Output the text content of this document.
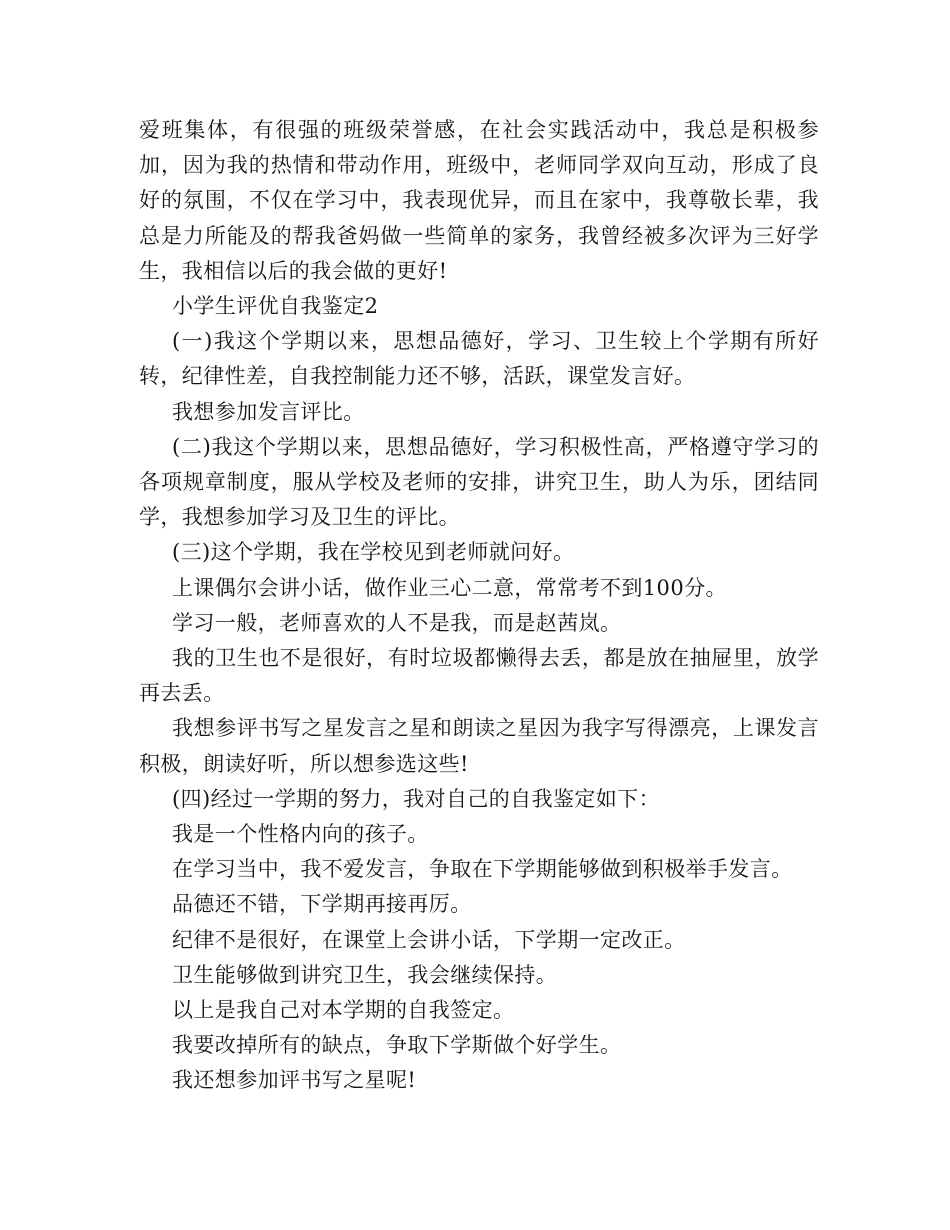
爱班集体，有很强的班级荣誉感，在社会实践活动中，我总是积极参加，因为我的热情和带动作用，班级中，老师同学双向互动，形成了良好的氛围，不仅在学习中，我表现优异，而且在家中，我尊敬长辈，我总是力所能及的帮我爸妈做一些简单的家务，我曾经被多次评为三好学生，我相信以后的我会做的更好!

小学生评优自我鉴定2

(一)我这个学期以来，思想品德好，学习、卫生较上个学期有所好转，纪律性差，自我控制能力还不够，活跃，课堂发言好。

我想参加发言评比。

(二)我这个学期以来，思想品德好，学习积极性高，严格遵守学习的各项规章制度，服从学校及老师的安排，讲究卫生，助人为乐，团结同学，我想参加学习及卫生的评比。

(三)这个学期，我在学校见到老师就问好。

上课偶尔会讲小话，做作业三心二意，常常考不到100分。

学习一般，老师喜欢的人不是我，而是赵茜岚。

我的卫生也不是很好，有时垃圾都懒得去丢，都是放在抽屉里，放学再去丢。

我想参评书写之星发言之星和朗读之星因为我字写得漂亮，上课发言积极，朗读好听，所以想参选这些!

(四)经过一学期的努力，我对自己的自我鉴定如下：

我是一个性格内向的孩子。

在学习当中，我不爱发言，争取在下学期能够做到积极举手发言。

品德还不错，下学期再接再厉。

纪律不是很好，在课堂上会讲小话，下学期一定改正。

卫生能够做到讲究卫生，我会继续保持。

以上是我自己对本学期的自我签定。

我要改掉所有的缺点，争取下学斯做个好学生。

我还想参加评书写之星呢!
